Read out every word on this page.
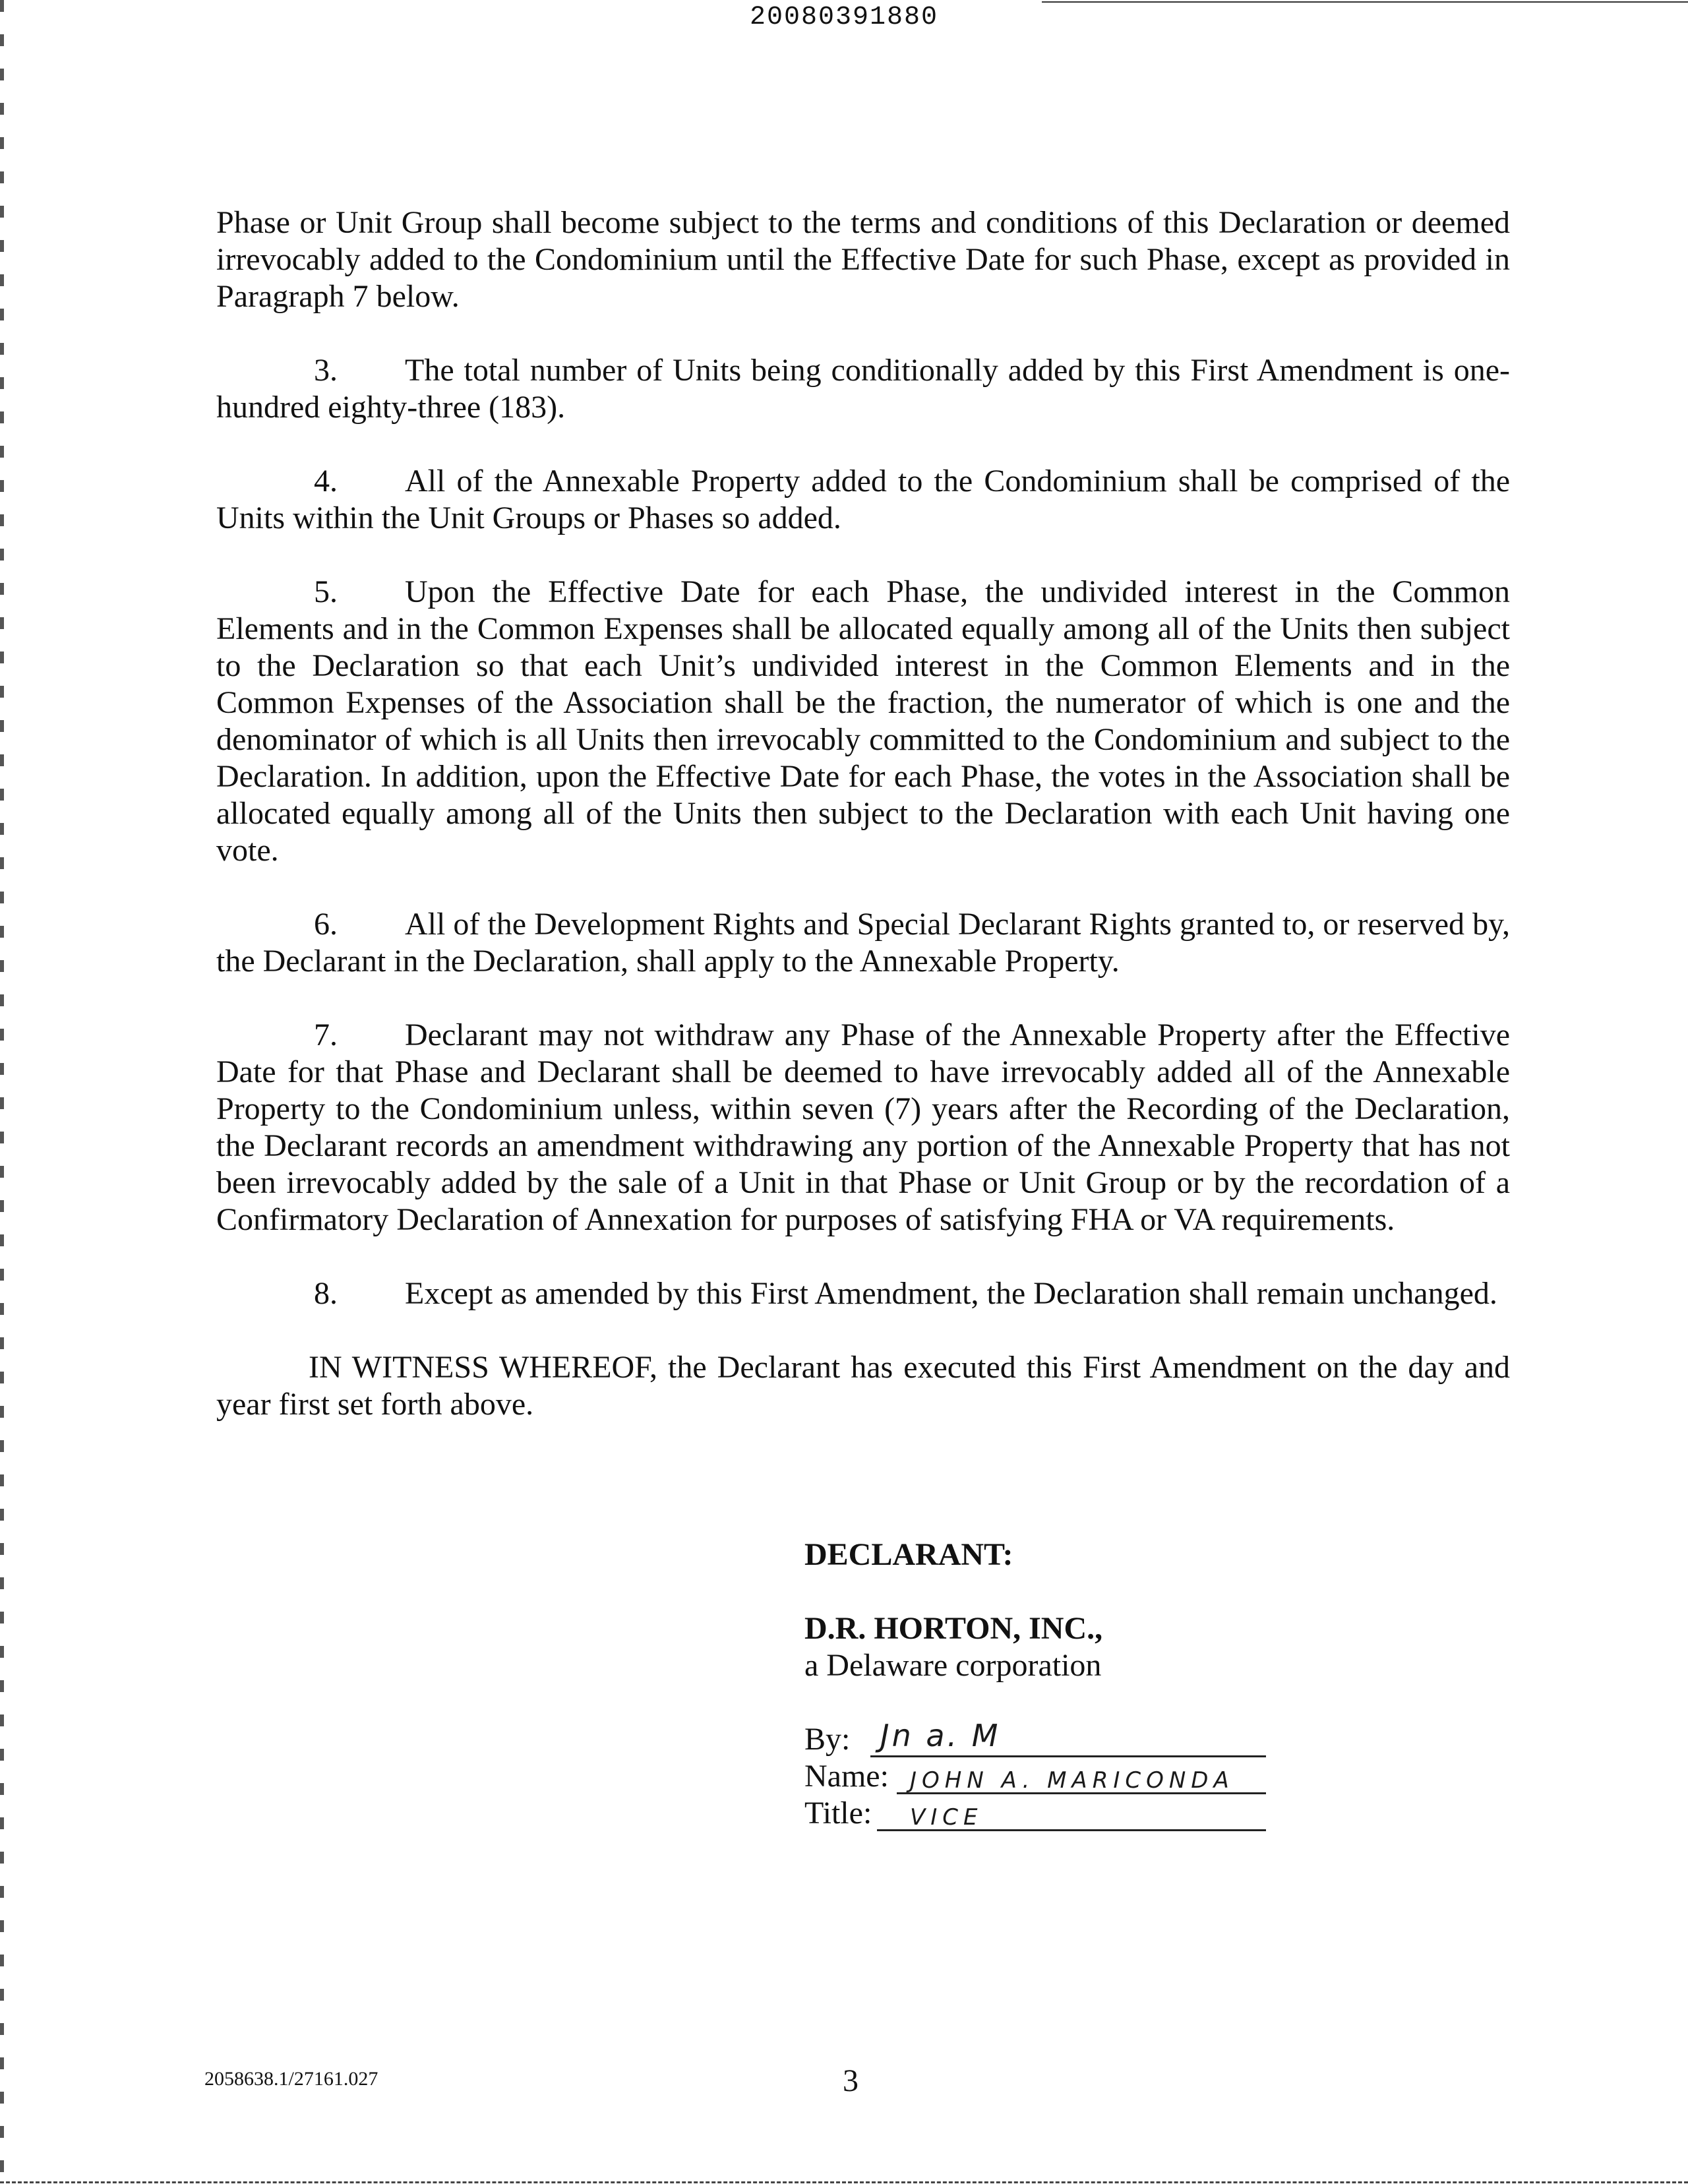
20080391880

Phase or Unit Group shall become subject to the terms and conditions of this Declaration or deemed irrevocably added to the Condominium until the Effective Date for such Phase, except as provided in Paragraph 7 below.

3. The total number of Units being conditionally added by this First Amendment is one-hundred eighty-three (183).

4. All of the Annexable Property added to the Condominium shall be comprised of the Units within the Unit Groups or Phases so added.

5. Upon the Effective Date for each Phase, the undivided interest in the Common Elements and in the Common Expenses shall be allocated equally among all of the Units then subject to the Declaration so that each Unit’s undivided interest in the Common Elements and in the Common Expenses of the Association shall be the fraction, the numerator of which is one and the denominator of which is all Units then irrevocably committed to the Condominium and subject to the Declaration. In addition, upon the Effective Date for each Phase, the votes in the Association shall be allocated equally among all of the Units then subject to the Declaration with each Unit having one vote.

6. All of the Development Rights and Special Declarant Rights granted to, or reserved by, the Declarant in the Declaration, shall apply to the Annexable Property.

7. Declarant may not withdraw any Phase of the Annexable Property after the Effective Date for that Phase and Declarant shall be deemed to have irrevocably added all of the Annexable Property to the Condominium unless, within seven (7) years after the Recording of the Declaration, the Declarant records an amendment withdrawing any portion of the Annexable Property that has not been irrevocably added by the sale of a Unit in that Phase or Unit Group or by the recordation of a Confirmatory Declaration of Annexation for purposes of satisfying FHA or VA requirements.

8. Except as amended by this First Amendment, the Declaration shall remain unchanged.

IN WITNESS WHEREOF, the Declarant has executed this First Amendment on the day and year first set forth above.

DECLARANT:
D.R. HORTON, INC.,
a Delaware corporation
By: Jn a. M
Name: JOHN A. MARICONDA
Title: VICE
2058638.1/27161.027	3
